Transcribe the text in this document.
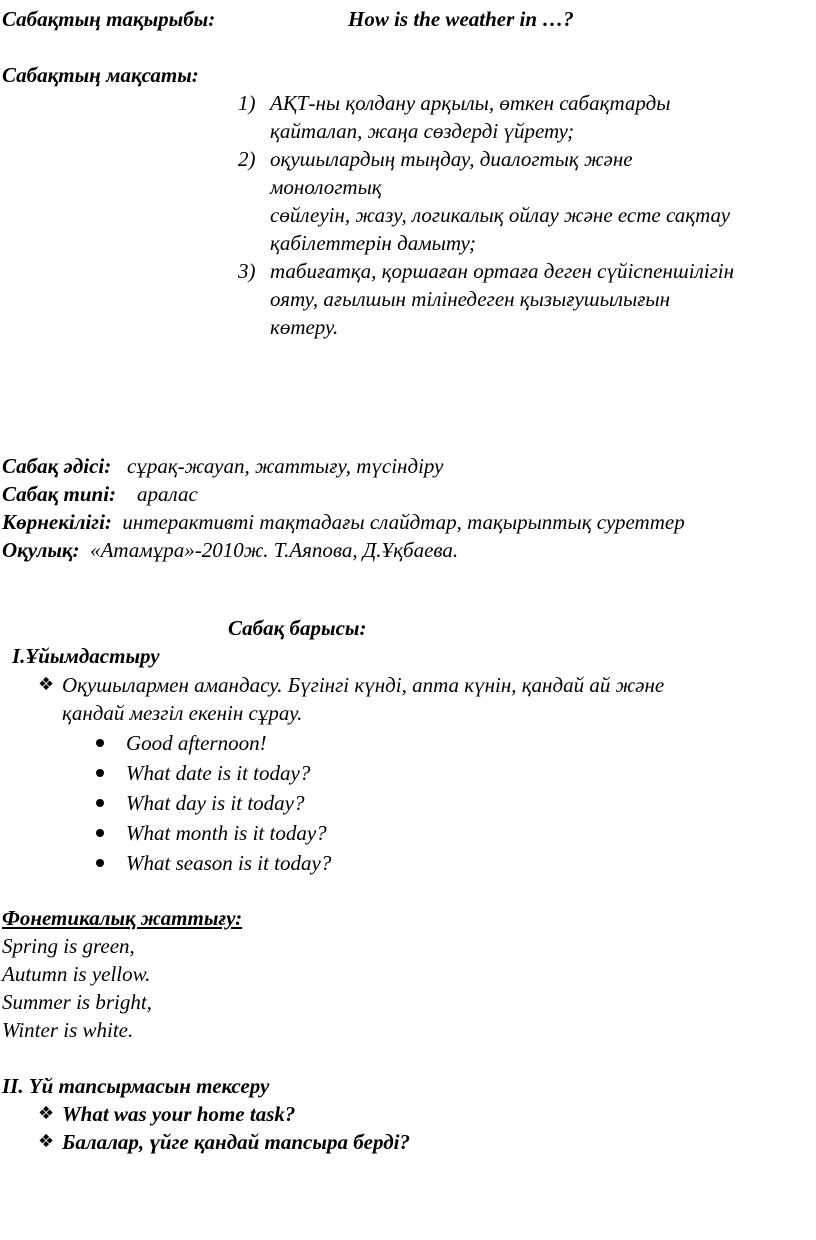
Сабақтың тақырыбы:	How is the weather in …?
Сабақтың мақсаты:
1) АҚТ-ны қолдану арқылы, өткен сабақтарды
қайталап, жаңа сөздерді үйрету;
2) оқушылардың тыңдау, диалогтық және
монологтық
сөйлеуін, жазу, логикалық ойлау және есте сақтау
қабілеттерін дамыту;
3) табиғатқа, қоршаған ортаға деген сүйіспеншілігін
ояту, ағылшын тілінедеген қызығушылығын
көтеру.
Сабақ әдісі: сұрақ-жауап, жаттығу, түсіндіру
Сабақ типі: аралас
Көрнекілігі: интерактивті тақтадағы слайдтар, тақырыптық суреттер
Оқулық: «Атамұра»-2010ж. Т.Аяпова, Д.Ұқбаева.
Сабақ барысы:
І.Ұйымдастыру
❖ Оқушылармен амандасу. Бүгінгі күнді, апта күнін, қандай ай және
қандай мезгіл екенін сұрау.
Good afternoon!
What date is it today?
What day is it today?
What month is it today?
What season is it today?
Фонетикалық жаттығу:
Spring is green,
Autumn is yellow.
Summer is bright,
Winter is white.
ІІ. Үй тапсырмасын тексеру
❖ What was your home task?
❖ Балалар, үйге қандай тапсыра берді?
